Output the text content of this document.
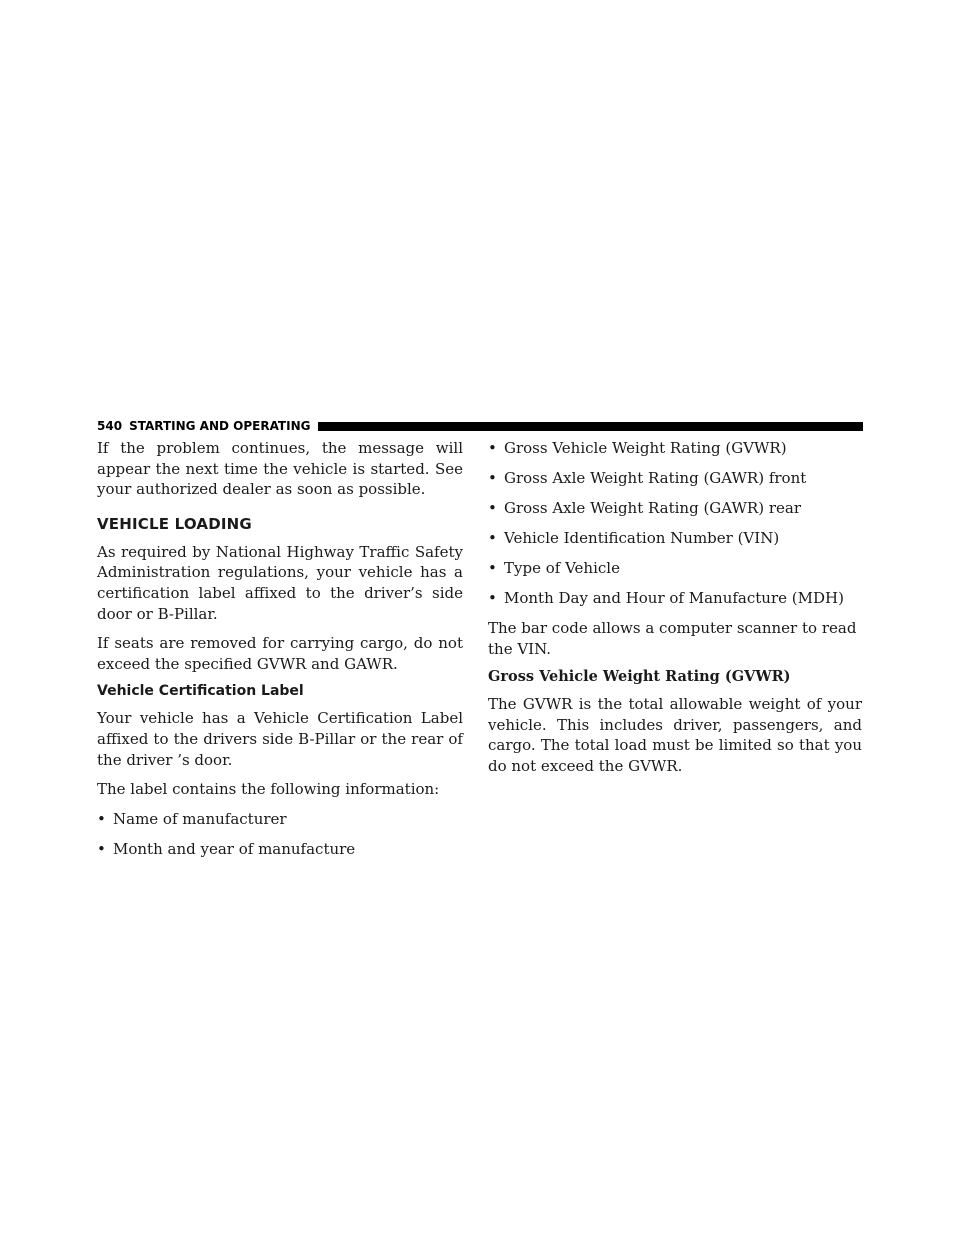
540 STARTING AND OPERATING

If the problem continues, the message will appear the next time the vehicle is started. See your authorized dealer as soon as possible.

VEHICLE LOADING

As required by National Highway Traffic Safety Administration regulations, your vehicle has a certification label affixed to the driver’s side door or B-Pillar.

If seats are removed for carrying cargo, do not exceed the specified GVWR and GAWR.

Vehicle Certification Label

Your vehicle has a Vehicle Certification Label affixed to the drivers side B-Pillar or the rear of the driver ’s door.

The label contains the following information:

• Name of manufacturer
• Month and year of manufacture
• Gross Vehicle Weight Rating (GVWR)
• Gross Axle Weight Rating (GAWR) front
• Gross Axle Weight Rating (GAWR) rear
• Vehicle Identification Number (VIN)
• Type of Vehicle
• Month Day and Hour of Manufacture (MDH)

The bar code allows a computer scanner to read the VIN.

Gross Vehicle Weight Rating (GVWR)

The GVWR is the total allowable weight of your vehicle. This includes driver, passengers, and cargo. The total load must be limited so that you do not exceed the GVWR.
